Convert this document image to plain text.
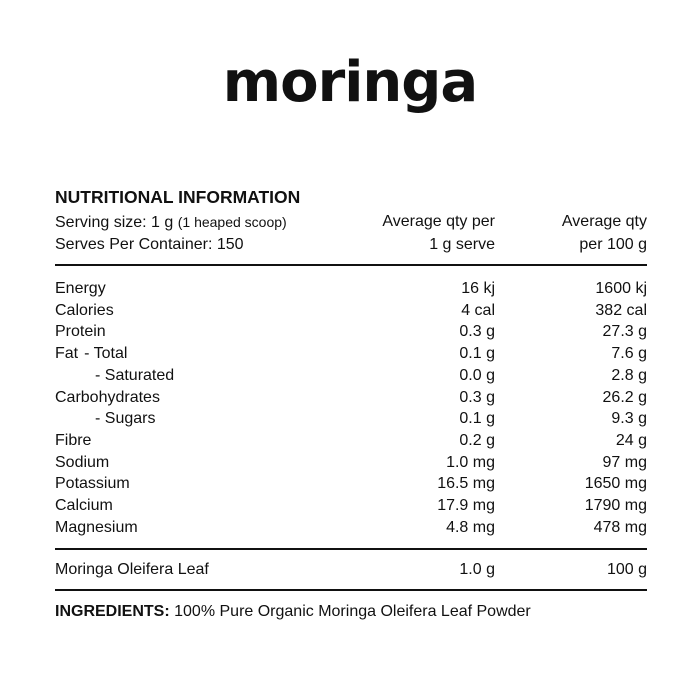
moringa
NUTRITIONAL INFORMATION
Serving size: 1 g (1 heaped scoop)	Average qty per	Average qty
Serves Per Container: 150	1 g serve	per 100 g
Energy	16 kj	1600 kj
Calories	4 cal	382 cal
Protein	0.3 g	27.3 g
Fat - Total	0.1 g	7.6 g
- Saturated	0.0 g	2.8 g
Carbohydrates	0.3 g	26.2 g
- Sugars	0.1 g	9.3 g
Fibre	0.2 g	24 g
Sodium	1.0 mg	97 mg
Potassium	16.5 mg	1650 mg
Calcium	17.9 mg	1790 mg
Magnesium	4.8 mg	478 mg
Moringa Oleifera Leaf	1.0 g	100 g
INGREDIENTS: 100% Pure Organic Moringa Oleifera Leaf Powder
